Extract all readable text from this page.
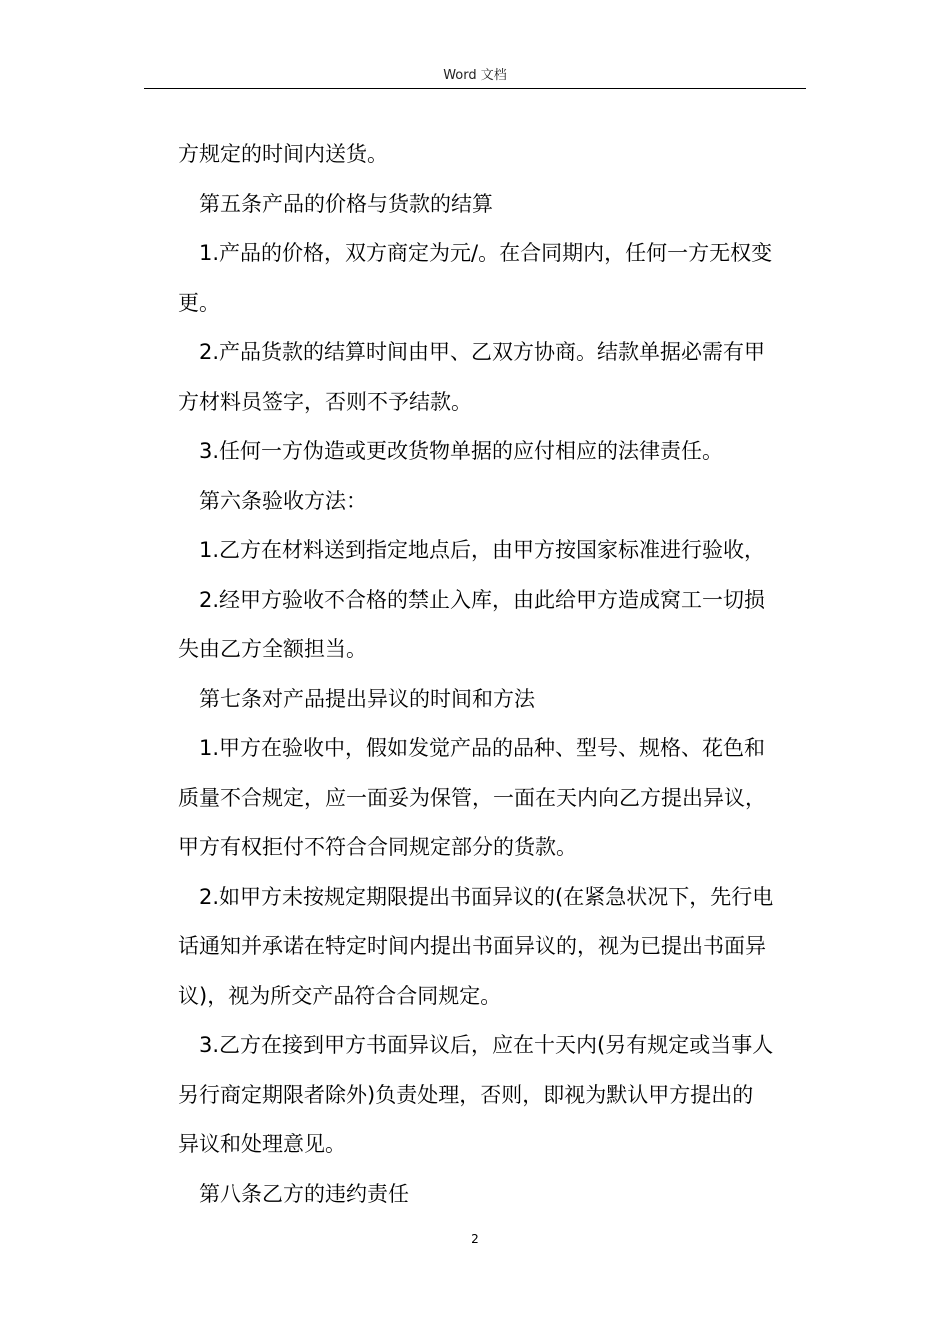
Word 文档

方规定的时间内送货。

第五条产品的价格与货款的结算

1.产品的价格，双方商定为元/。在合同期内，任何一方无权变

更。

2.产品货款的结算时间由甲、乙双方协商。结款单据必需有甲

方材料员签字，否则不予结款。

3.任何一方伪造或更改货物单据的应付相应的法律责任。

第六条验收方法：

1.乙方在材料送到指定地点后，由甲方按国家标准进行验收，

2.经甲方验收不合格的禁止入库，由此给甲方造成窝工一切损

失由乙方全额担当。

第七条对产品提出异议的时间和方法

1.甲方在验收中，假如发觉产品的品种、型号、规格、花色和

质量不合规定，应一面妥为保管，一面在天内向乙方提出异议，

甲方有权拒付不符合合同规定部分的货款。

2.如甲方未按规定期限提出书面异议的(在紧急状况下，先行电

话通知并承诺在特定时间内提出书面异议的，视为已提出书面异

议)，视为所交产品符合合同规定。

3.乙方在接到甲方书面异议后，应在十天内(另有规定或当事人

另行商定期限者除外)负责处理，否则，即视为默认甲方提出的

异议和处理意见。

第八条乙方的违约责任

2
